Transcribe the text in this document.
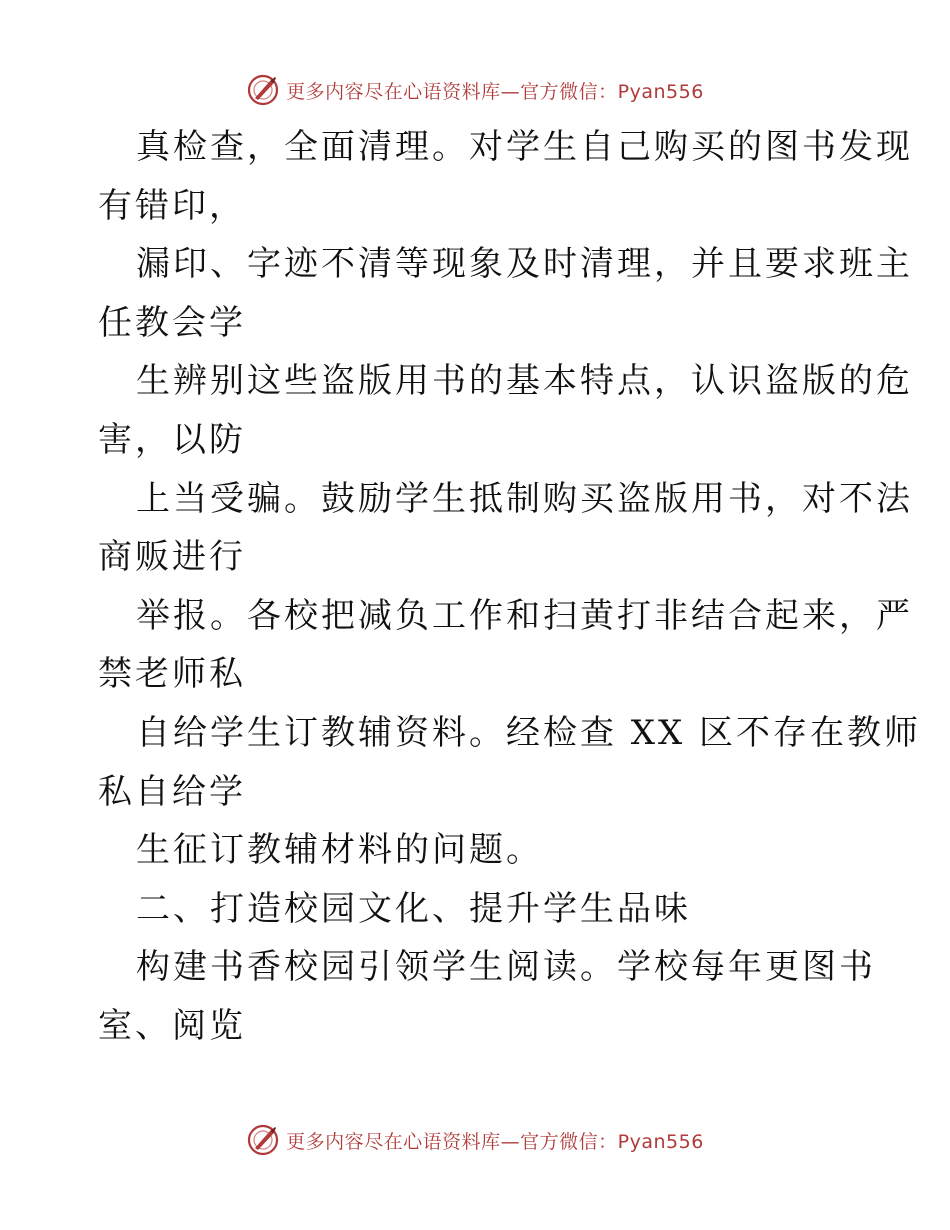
更多内容尽在心语资料库—官方微信：Pyan556
真检查，全面清理。对学生自己购买的图书发现
有错印，
漏印、字迹不清等现象及时清理，并且要求班主
任教会学
生辨别这些盗版用书的基本特点，认识盗版的危
害，以防
上当受骗。鼓励学生抵制购买盗版用书，对不法
商贩进行
举报。各校把减负工作和扫黄打非结合起来，严
禁老师私
自给学生订教辅资料。经检查 XX 区不存在教师
私自给学
生征订教辅材料的问题。
二、打造校园文化、提升学生品味
构建书香校园引领学生阅读。学校每年更图书
室、阅览
更多内容尽在心语资料库—官方微信：Pyan556
